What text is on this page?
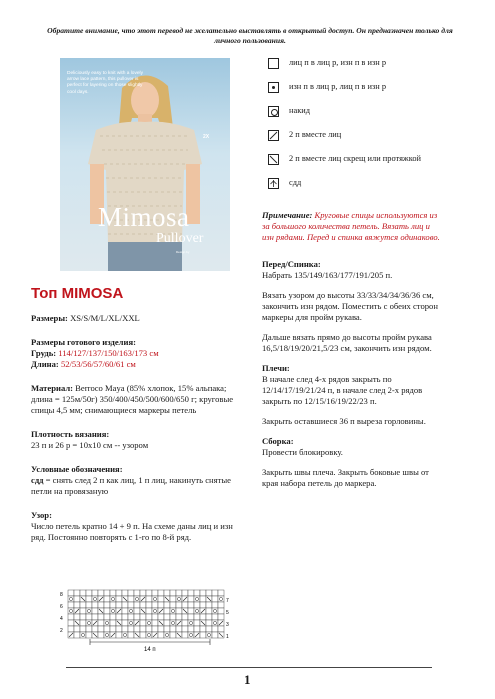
Обратите внимание, что этот перевод не желательно выставлять в открытый доступ. Он предназначен только для личного пользования.
Deliciously easy to knit with a lovely arrow lace pattern, this pullover is perfect for layering on those slightly cool days.
2X
Mimosa
Pullover
Design by
Топ MIMOSA

Размеры: XS/S/M/L/XL/XXL

Размеры готового изделия:
Грудь: 114/127/137/150/163/173 см
Длина: 52/53/56/57/60/61 см

Материал: Berroco Maya (85% хлопок, 15% альпака; длина = 125м/50г) 350/400/450/500/600/650 г; круговые спицы 4,5 мм; снимающиеся маркеры петель

Плотность вязания:
23 п и 26 р = 10х10 см -- узором

Условные обозначения:
сдд = снять след 2 п как лиц, 1 п лиц, накинуть снятые петли на провязаную

Узор:
Число петель кратно 14 + 9 п. На схеме даны лиц и изн ряд. Постоянно повторять с 1-го по 8-й ряд.

8
6
4
2
7
5
3
1
14 п
лиц п в лиц р, изн п в изн р
изн п в лиц р, лиц п в изн р
накид
2 п вместе лиц
2 п вместе лиц скрещ или протяжкой
сдд

Примечание: Круговые спицы используются из за большого количества петель. Вязать лиц и изн рядами. Перед и спинка вяжутся одинаково.

Перед/Спинка:
Набрать 135/149/163/177/191/205 п.

Вязать узором до высоты 33/33/34/34/36/36 см, закончить изн рядом. Поместить с обеих сторон маркеры для пройм рукава.

Дальше вязать прямо до высоты пройм рукава 16,5/18/19/20/21,5/23 см, закончить изн рядом.

Плечи:
В начале след 4-х рядов закрыть по 12/14/17/19/21/24 п, в начале след 2-х рядов закрыть по 12/15/16/19/22/23 п.

Закрыть оставшиеся 36 п выреза горловины.

Сборка:
Провести блокировку.

Закрыть швы плеча. Закрыть боковые швы от края набора петель до маркера.

1
